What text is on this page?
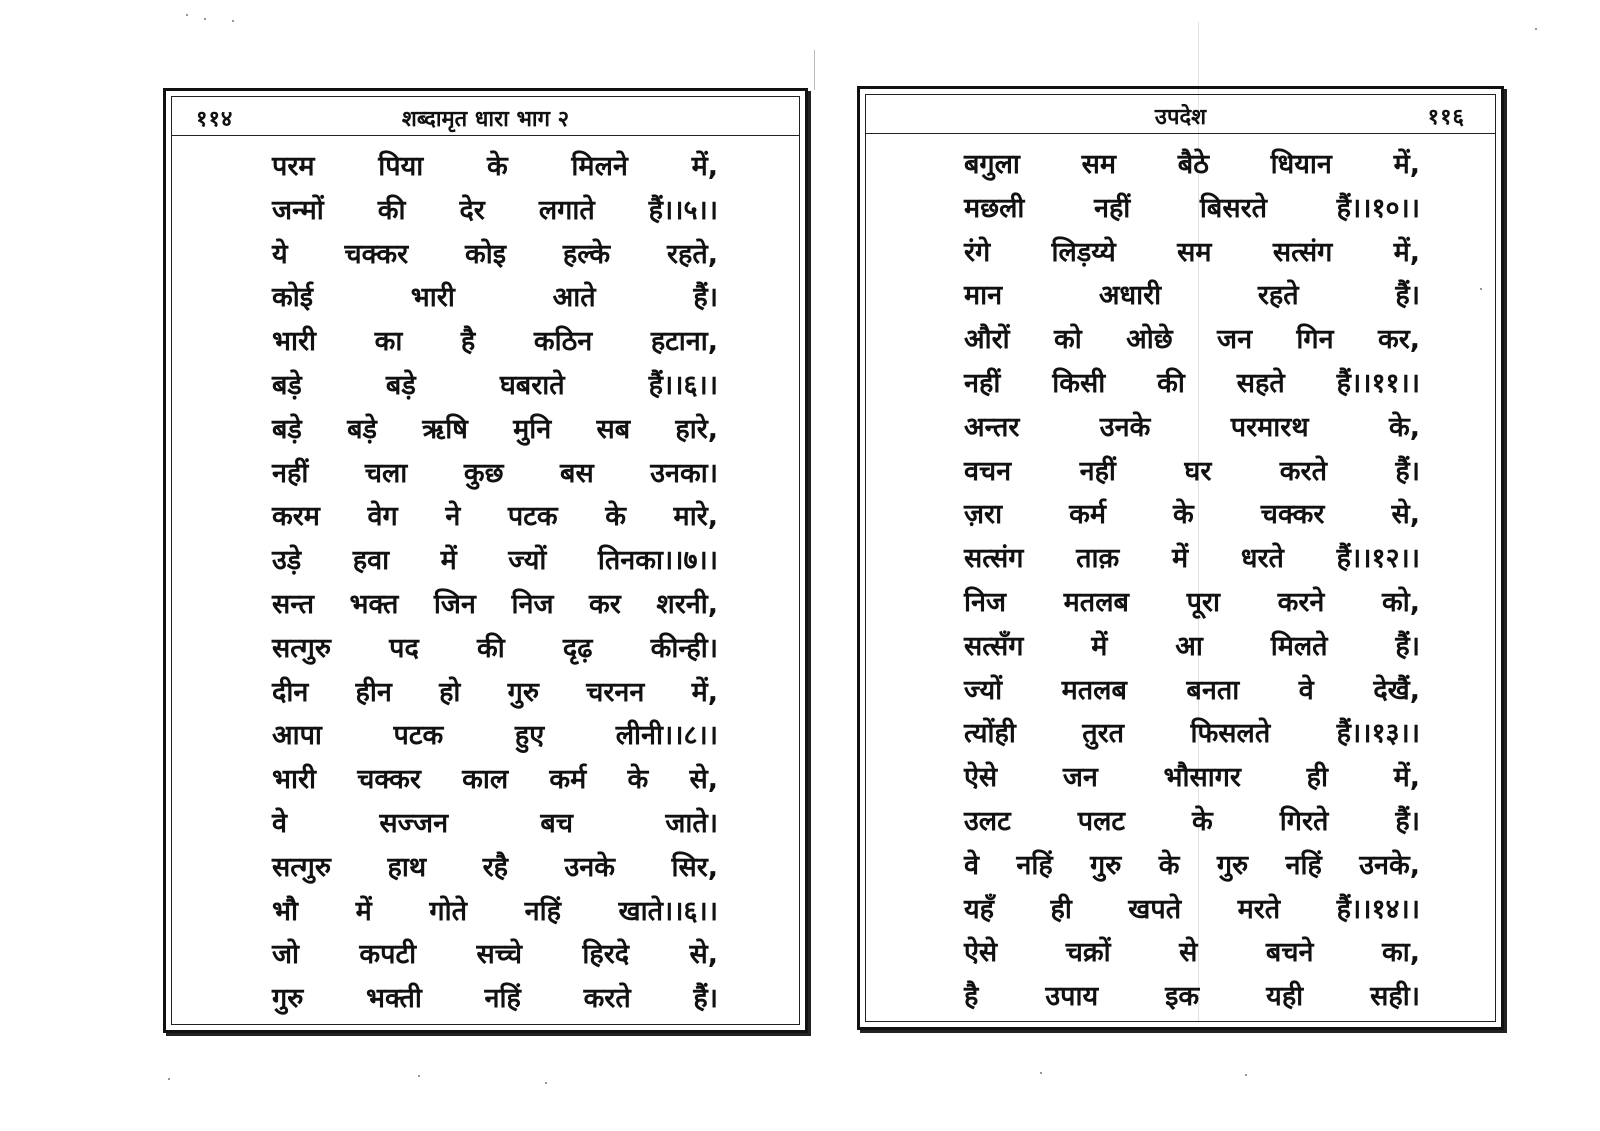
११४	शब्दामृत धारा भाग २
परम पिया के मिलने में,
जन्मों की देर लगाते हैं।।५।।
ये चक्कर कोइ हल्के रहते,
कोई भारी आते हैं।
भारी का है कठिन हटाना,
बड़े बड़े घबराते हैं।।६।।
बड़े बड़े ऋषि मुनि सब हारे,
नहीं चला कुछ बस उनका।
करम वेग ने पटक के मारे,
उड़े हवा में ज्यों तिनका।।७।।
सन्त भक्त जिन निज कर शरनी,
सत्गुरु पद की दृढ़ कीन्ही।
दीन हीन हो गुरु चरनन में,
आपा पटक हुए लीनी।।८।।
भारी चक्कर काल कर्म के से,
वे सज्जन बच जाते।
सत्गुरु हाथ रहै उनके सिर,
भौ में गोते नहिं खाते।।६।।
जो कपटी सच्चे हिरदे से,
गुरु भक्ती नहिं करते हैं।
उपदेश	११६
बगुला सम बैठे धियान में,
मछली नहीं बिसरते हैं।।१०।।
रंगे लिड़य्ये सम सत्संग में,
मान अधारी रहते हैं।
औरों को ओछे जन गिन कर,
नहीं किसी की सहते हैं।।११।।
अन्तर उनके परमारथ के,
वचन नहीं घर करते हैं।
ज़रा कर्म के चक्कर से,
सत्संग ताक़ में धरते हैं।।१२।।
निज मतलब पूरा करने को,
सत्सँग में आ मिलते हैं।
ज्यों मतलब बनता वे देखैं,
त्योंही तुरत फिसलते हैं।।१३।।
ऐसे जन भौसागर ही में,
उलट पलट के गिरते हैं।
वे नहिं गुरु के गुरु नहिं उनके,
यहँ ही खपते मरते हैं।।१४।।
ऐसे चक्रों से बचने का,
है उपाय इक यही सही।
